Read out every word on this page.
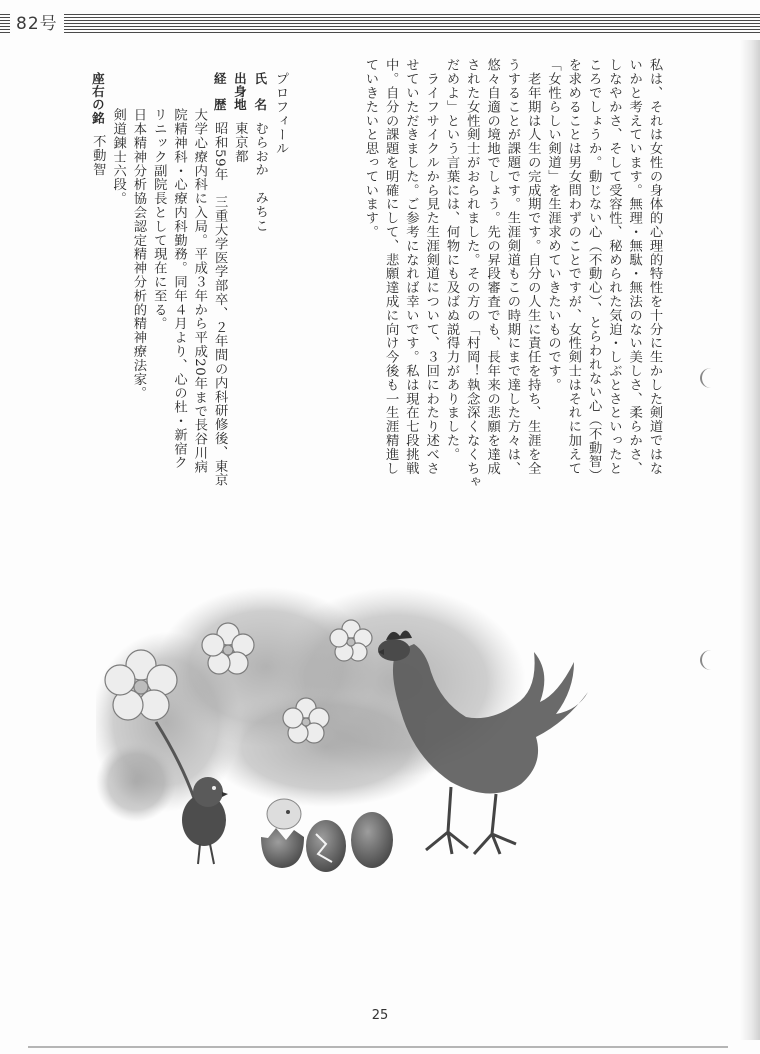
82号

私は、それは女性の身体的心理的特性を十分に生かした剣道ではな

いかと考えています。無理・無駄・無法のない美しさ、柔らかさ、

しなやかさ、そして受容性、秘められた気迫・しぶとさといったと

ころでしょうか。動じない心（不動心）、とらわれない心（不動智）

を求めることは男女問わずのことですが、女性剣士はそれに加えて

「女性らしい剣道」を生涯求めていきたいものです。

　老年期は人生の完成期です。自分の人生に責任を持ち、生涯を全

うすることが課題です。生涯剣道もこの時期にまで達した方々は、

悠々自適の境地でしょう。先の昇段審査でも、長年来の悲願を達成

された女性剣士がおられました。その方の「村岡！執念深くなくちゃ

だめよ」という言葉には、何物にも及ばぬ説得力がありました。

　ライフサイクルから見た生涯剣道について、３回にわたり述べさ

せていただきました。ご参考になれば幸いです。私は現在七段挑戦

中。自分の課題を明確にして、悲願達成に向け今後も一生涯精進し

ていきたいと思っています。

プロフィール
氏　名むらおか　みちこ
出身地東京都
経　歴昭和59年　三重大学医学部卒、２年間の内科研修後、東京
大学心療内科に入局。平成３年から平成20年まで長谷川病
院精神科・心療内科勤務。同年４月より、心の杜・新宿ク
リニック副院長として現在に至る。
日本精神分析協会認定精神分析的精神療法家。
剣道錬士六段。
座右の銘不動智
25
